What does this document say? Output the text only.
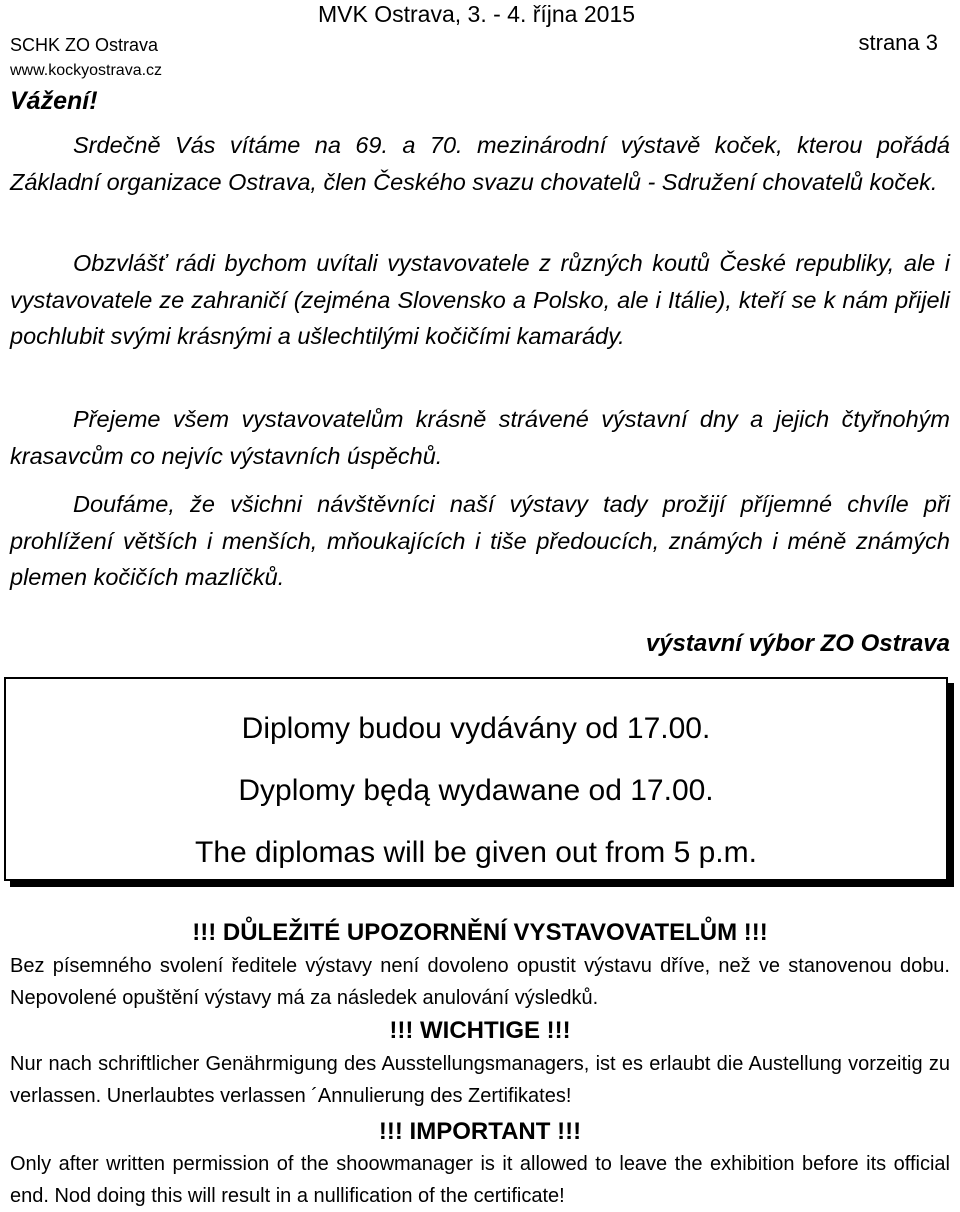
MVK Ostrava, 3. - 4. října 2015
SCHK ZO Ostrava	strana 3
www.kockyostrava.cz
Vážení!

Srdečně Vás vítáme na 69. a 70. mezinárodní výstavě koček, kterou pořádá Základní organizace Ostrava, člen Českého svazu chovatelů - Sdružení chovatelů koček.

Obzvlášť rádi bychom uvítali vystavovatele z různých koutů České republiky, ale i vystavovatele ze zahraničí (zejména Slovensko a Polsko, ale i Itálie), kteří se k nám přijeli pochlubit svými krásnými a ušlechtilými kočičími kamarády.

Přejeme všem vystavovatelům krásně strávené výstavní dny a jejich čtyřnohým krasavcům co nejvíc výstavních úspěchů.

Doufáme, že všichni návštěvníci naší výstavy tady prožijí příjemné chvíle při prohlížení větších i menších, mňoukajících i tiše předoucích, známých i méně známých plemen kočičích mazlíčků.

výstavní výbor ZO Ostrava
Diplomy budou vydávány od 17.00.
Dyplomy będą wydawane od 17.00.
The diplomas will be given out from 5 p.m.
!!! DŮLEŽITÉ UPOZORNĚNÍ VYSTAVOVATELŮM !!!

Bez písemného svolení ředitele výstavy není dovoleno opustit výstavu dříve, než ve stanovenou dobu. Nepovolené opuštění výstavy má za následek anulování výsledků.

!!! WICHTIGE !!!

Nur nach schriftlicher Genährmigung des Ausstellungsmanagers, ist es erlaubt die Austellung vorzeitig zu verlassen. Unerlaubtes verlassen ´Annulierung des Zertifikates!

!!! IMPORTANT !!!

Only after written permission of the shoowmanager is it allowed to leave the exhibition before its official end. Nod doing this will result in a nullification of the certificate!
